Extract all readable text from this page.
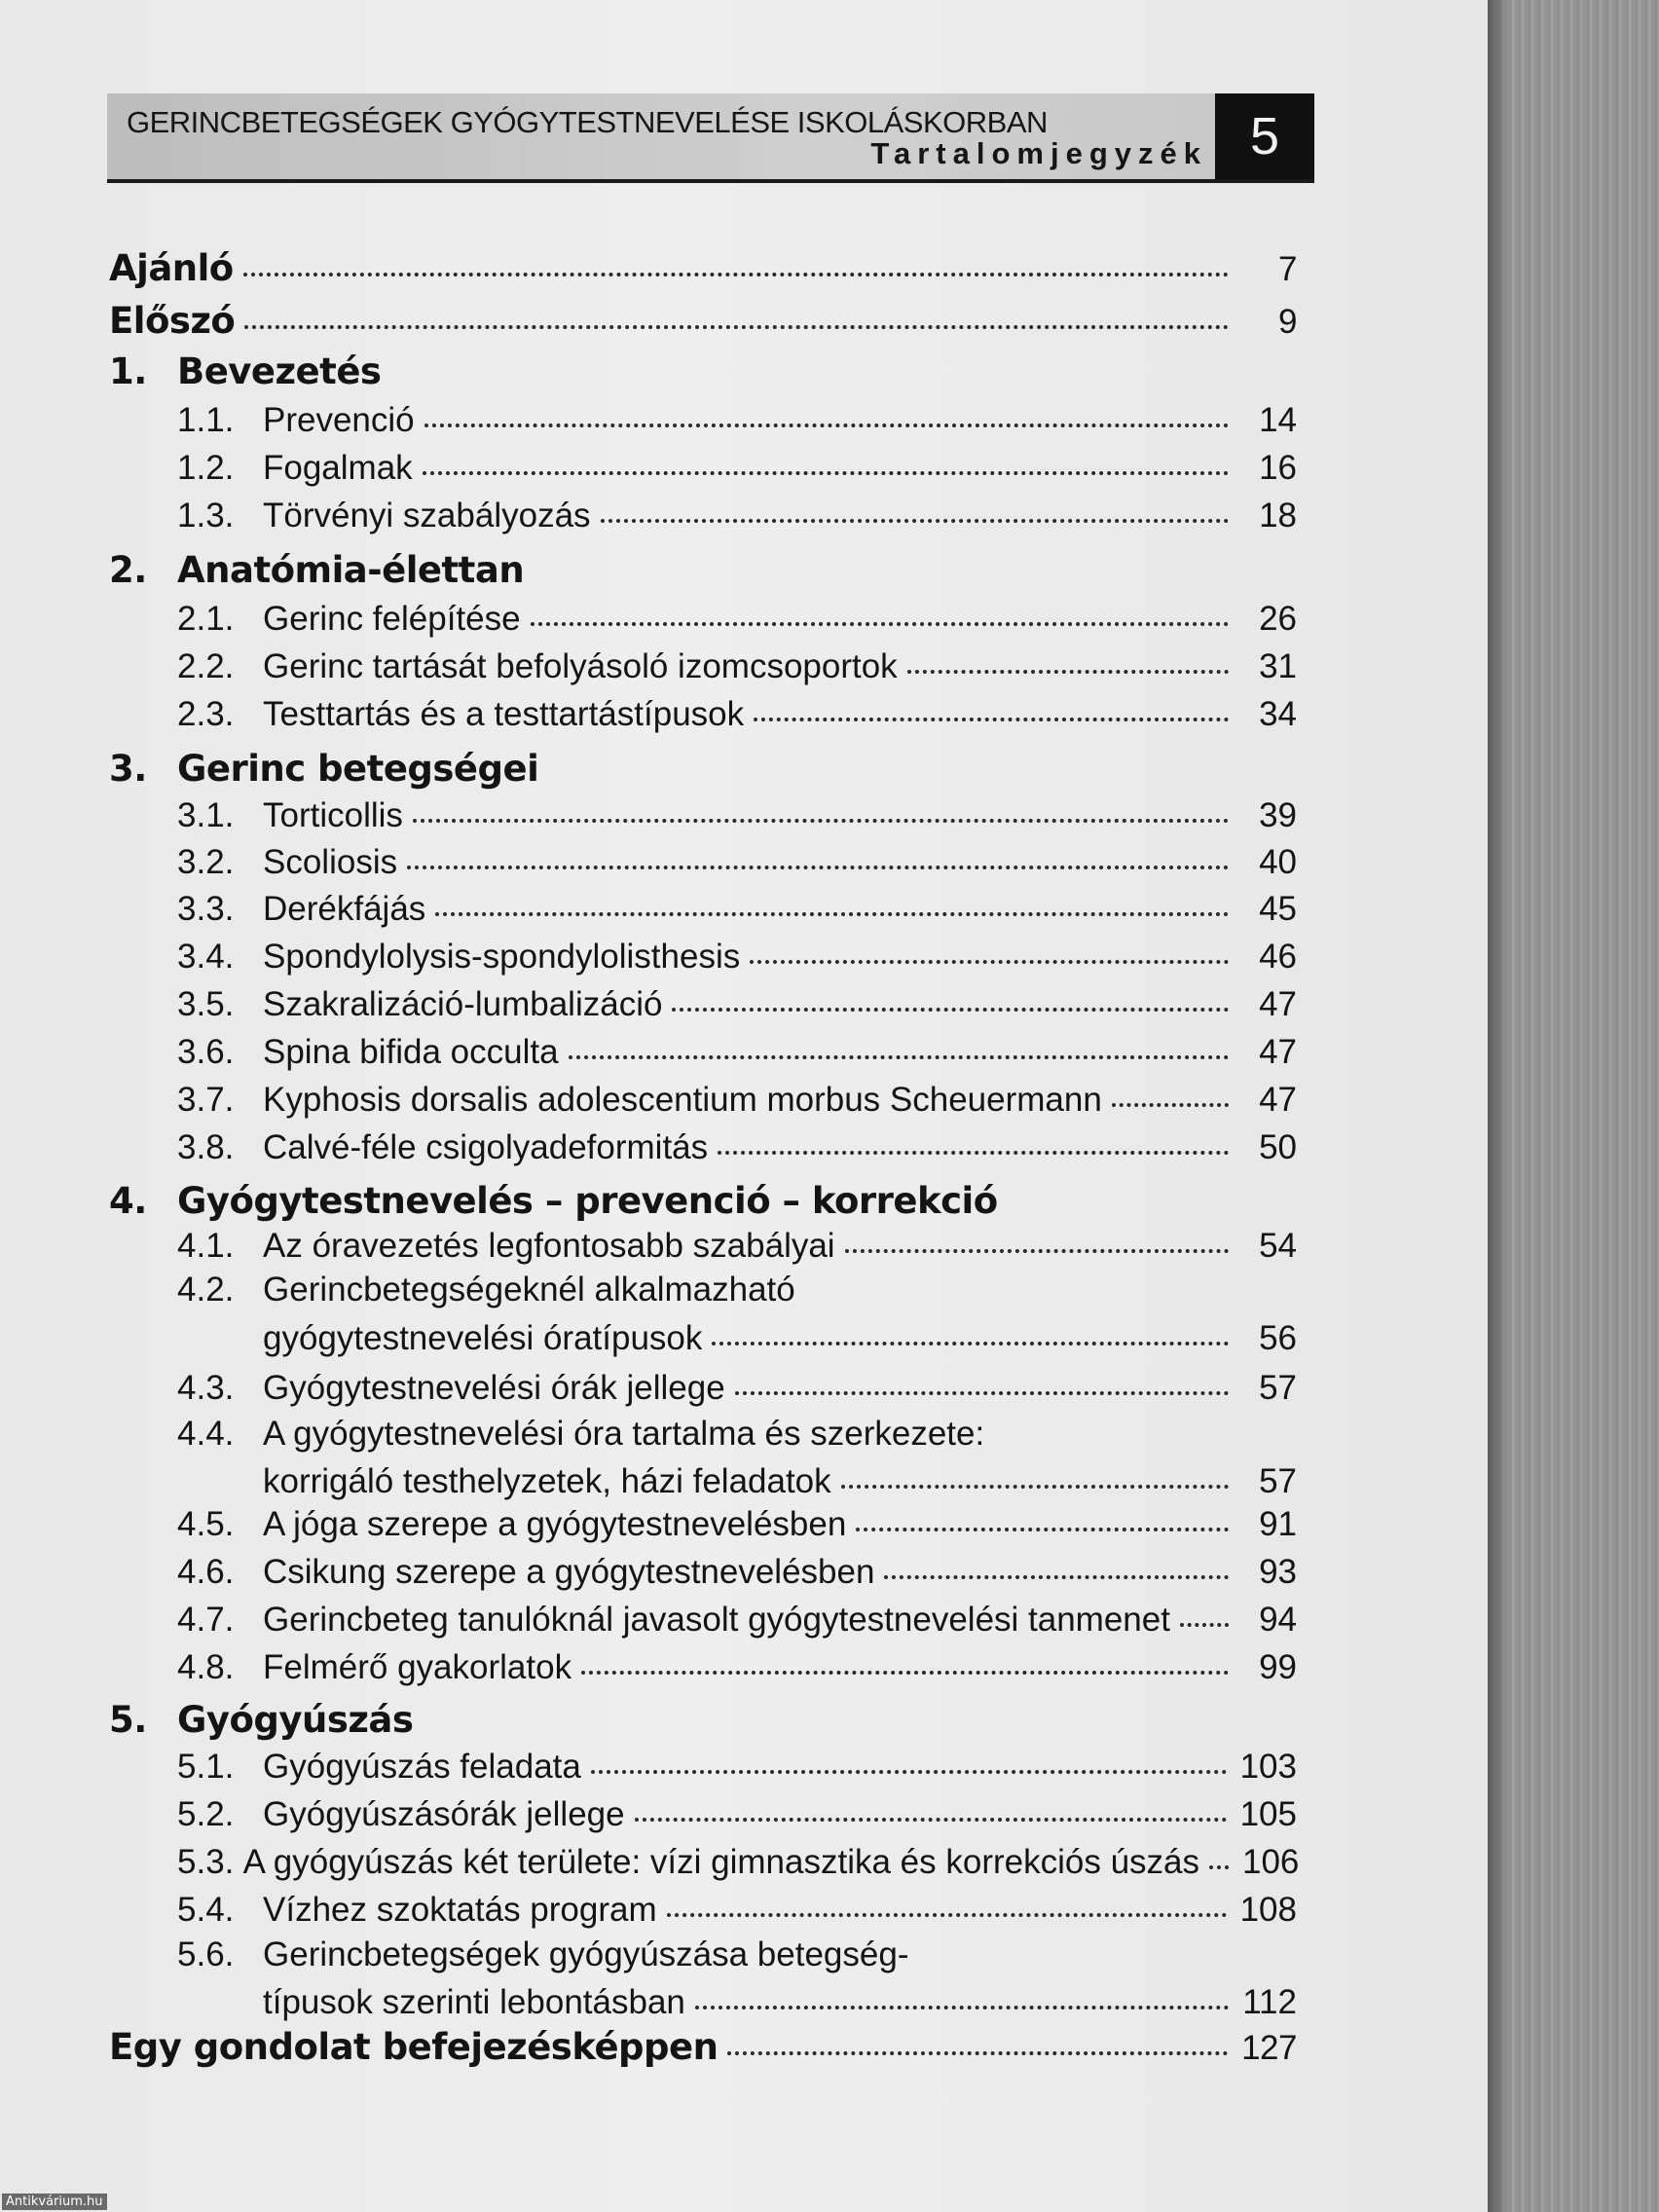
GERINCBETEGSÉGEK GYÓGYTESTNEVELÉSE ISKOLÁSKORBAN
Tartalomjegyzék 5
Ajánló	7
Előszó	9
1. Bevezetés
1.1. Prevenció	14
1.2. Fogalmak	16
1.3. Törvényi szabályozás	18
2. Anatómia-élettan
2.1. Gerinc felépítése	26
2.2. Gerinc tartását befolyásoló izomcsoportok	31
2.3. Testtartás és a testtartástípusok	34
3. Gerinc betegségei
3.1. Torticollis	39
3.2. Scoliosis	40
3.3. Derékfájás	45
3.4. Spondylolysis-spondylolisthesis	46
3.5. Szakralizáció-lumbalizáció	47
3.6. Spina bifida occulta	47
3.7. Kyphosis dorsalis adolescentium morbus Scheuermann	47
3.8. Calvé-féle csigolyadeformitás	50
4. Gyógytestnevelés – prevenció – korrekció
4.1. Az óravezetés legfontosabb szabályai	54
4.2. Gerincbetegségeknél alkalmazható
gyógytestnevelési óratípusok	56
4.3. Gyógytestnevelési órák jellege	57
4.4. A gyógytestnevelési óra tartalma és szerkezete:
korrigáló testhelyzetek, házi feladatok	57
4.5. A jóga szerepe a gyógytestnevelésben	91
4.6. Csikung szerepe a gyógytestnevelésben	93
4.7. Gerincbeteg tanulóknál javasolt gyógytestnevelési tanmenet	94
4.8. Felmérő gyakorlatok	99
5. Gyógyúszás
5.1. Gyógyúszás feladata	103
5.2. Gyógyúszásórák jellege	105
5.3. A gyógyúszás két területe: vízi gimnasztika és korrekciós úszás 106
5.4. Vízhez szoktatás program	108
5.6. Gerincbetegségek gyógyúszása betegség-
típusok szerinti lebontásban	112
Egy gondolat befejezésképpen	127
Antikvárium.hu
